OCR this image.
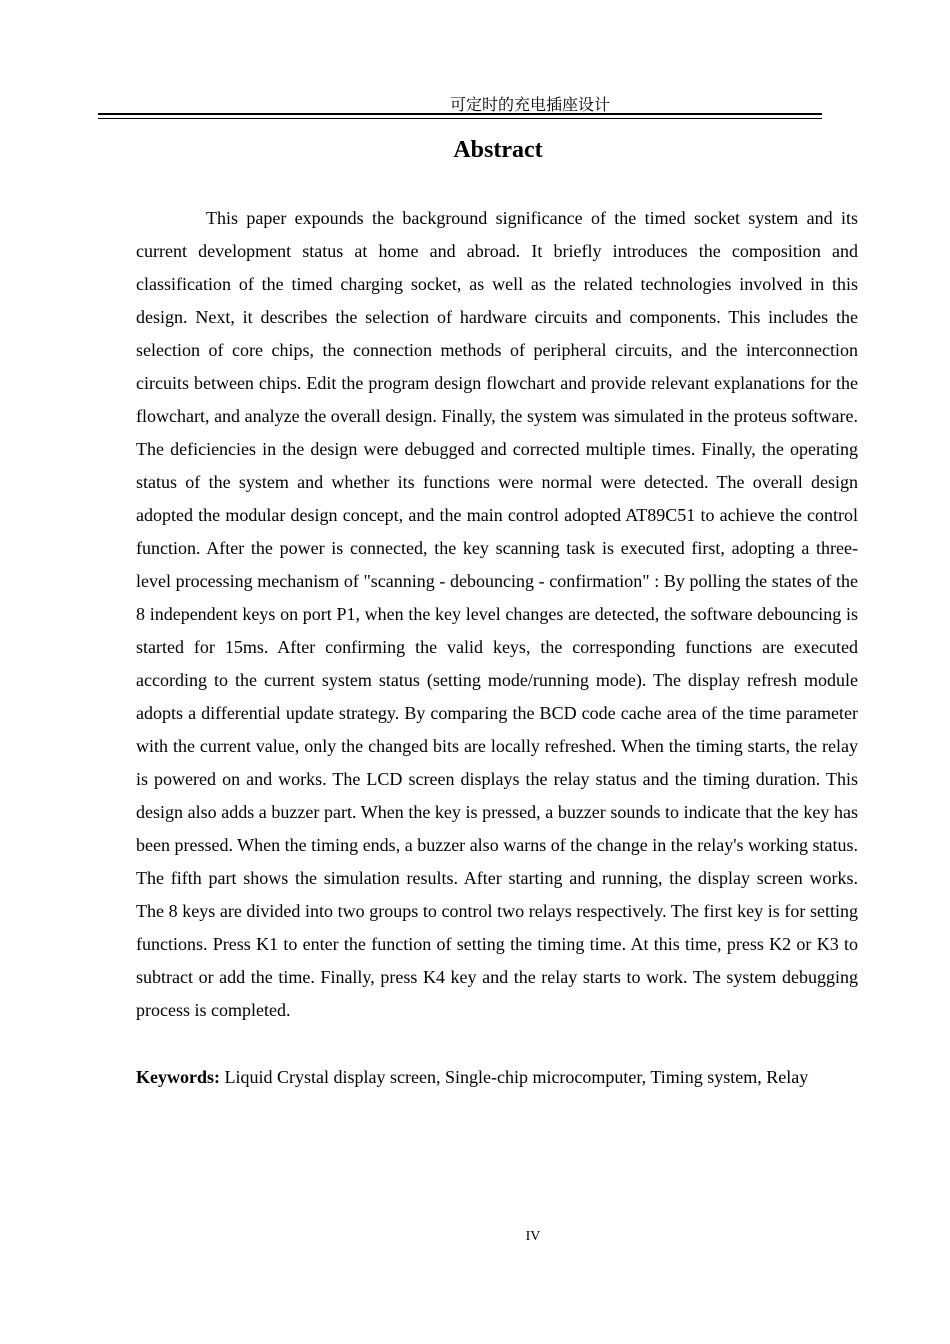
可定时的充电插座设计
Abstract

This paper expounds the background significance of the timed socket system and its current development status at home and abroad. It briefly introduces the composition and classification of the timed charging socket, as well as the related technologies involved in this design. Next, it describes the selection of hardware circuits and components. This includes the selection of core chips, the connection methods of peripheral circuits, and the interconnection circuits between chips. Edit the program design flowchart and provide relevant explanations for the flowchart, and analyze the overall design. Finally, the system was simulated in the proteus software. The deficiencies in the design were debugged and corrected multiple times. Finally, the operating status of the system and whether its functions were normal were detected. The overall design adopted the modular design concept, and the main control adopted AT89C51 to achieve the control function. After the power is connected, the key scanning task is executed first, adopting a three-level processing mechanism of "scanning - debouncing - confirmation" : By polling the states of the 8 independent keys on port P1, when the key level changes are detected, the software debouncing is started for 15ms. After confirming the valid keys, the corresponding functions are executed according to the current system status (setting mode/running mode). The display refresh module adopts a differential update strategy. By comparing the BCD code cache area of the time parameter with the current value, only the changed bits are locally refreshed. When the timing starts, the relay is powered on and works. The LCD screen displays the relay status and the timing duration. This design also adds a buzzer part. When the key is pressed, a buzzer sounds to indicate that the key has been pressed. When the timing ends, a buzzer also warns of the change in the relay's working status. The fifth part shows the simulation results. After starting and running, the display screen works. The 8 keys are divided into two groups to control two relays respectively. The first key is for setting functions. Press K1 to enter the function of setting the timing time. At this time, press K2 or K3 to subtract or add the time. Finally, press K4 key and the relay starts to work. The system debugging process is completed.

Keywords: Liquid Crystal display screen, Single-chip microcomputer, Timing system, Relay

IV
